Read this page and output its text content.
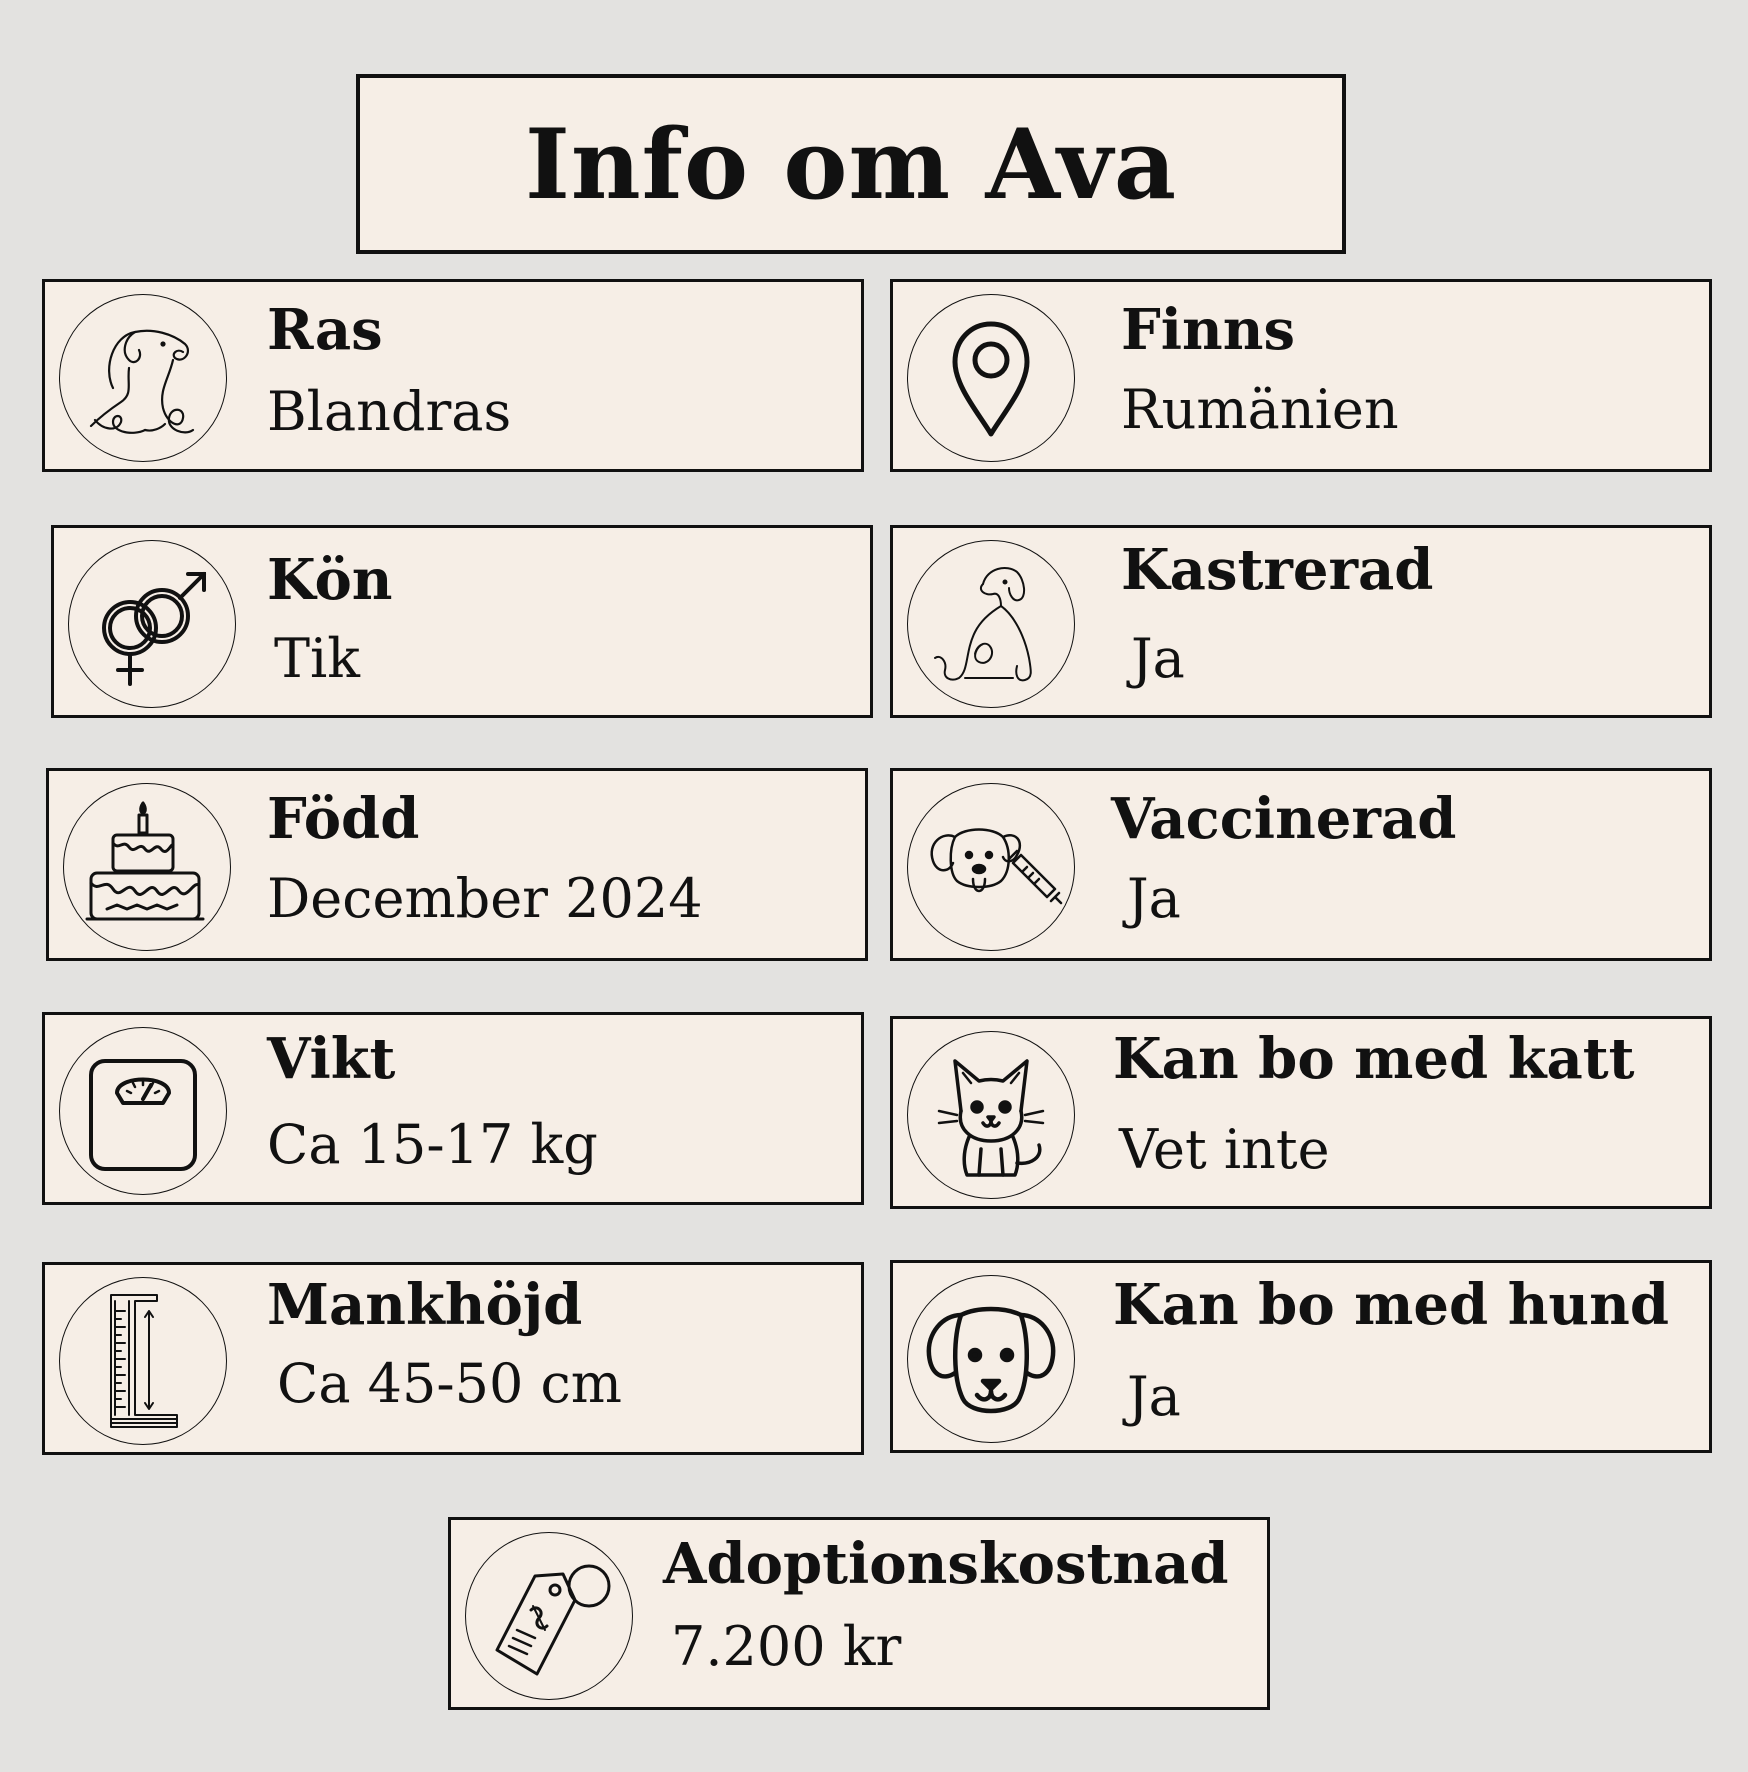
Info om Ava
Ras
Blandras
Finns
Rumänien
Kön
Tik
Kastrerad
Ja
Född
December 2024
Vaccinerad
Ja
Vikt
Ca 15-17 kg
Kan bo med katt
Vet inte
Mankhöjd
Ca 45-50 cm
Kan bo med hund
Ja
Adoptionskostnad
7.200 kr
